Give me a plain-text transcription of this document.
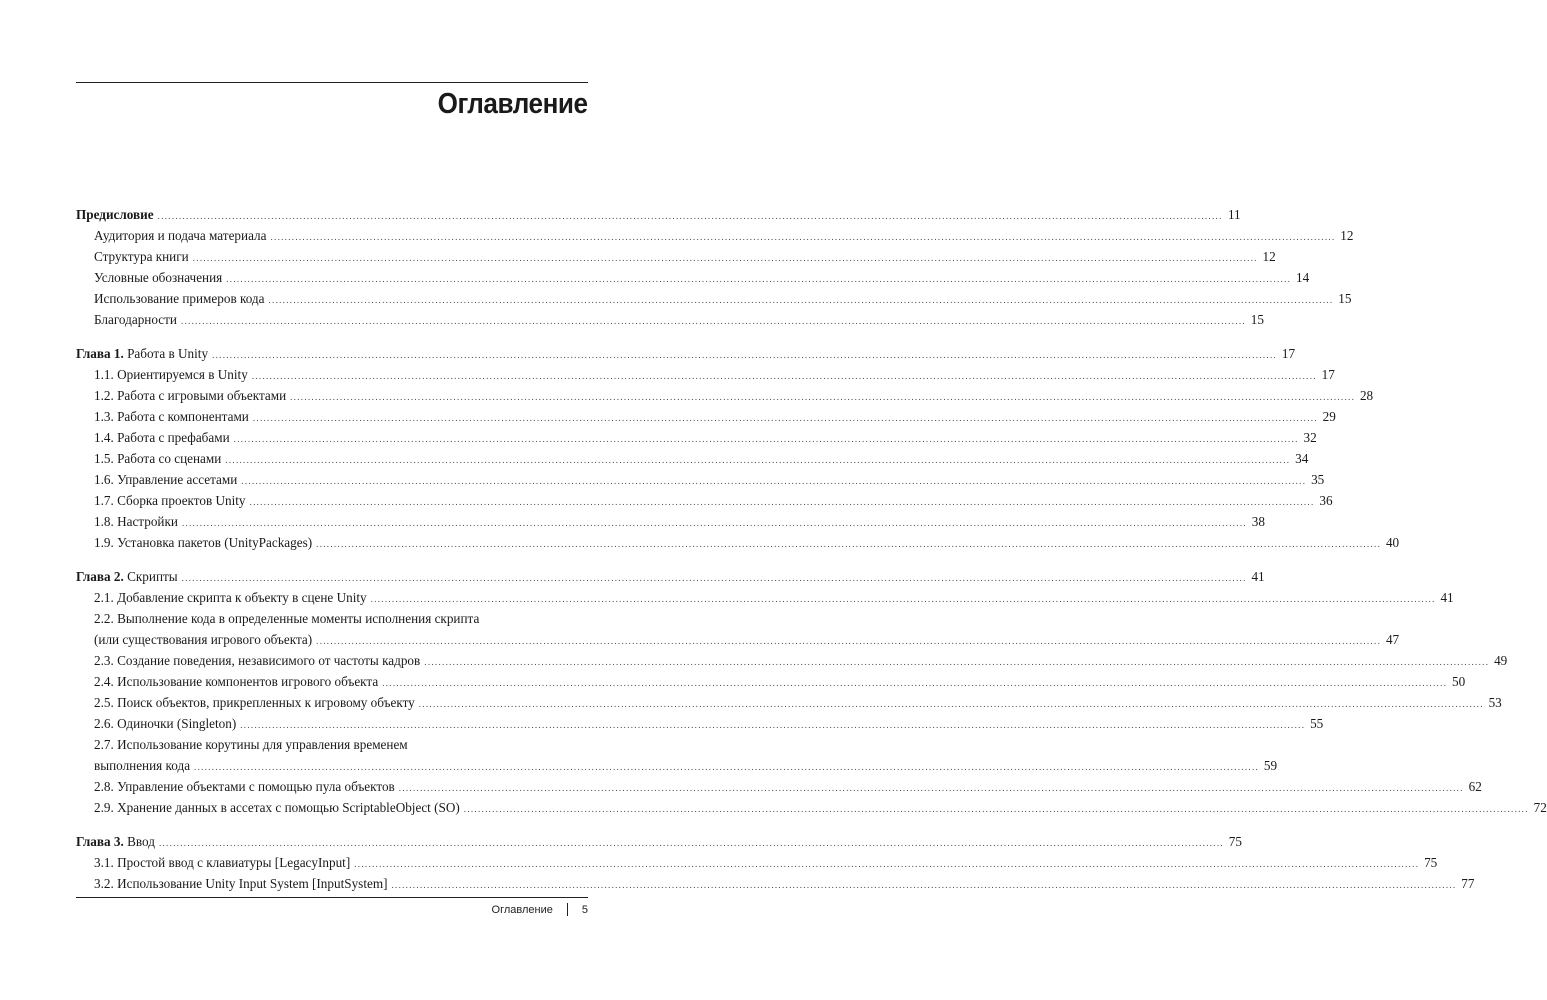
Оглавление
Предисловие ............................................................................................................................................................................................................................................................................................................ 11
Аудитория и подача материала ............................................................................................................................................................................................................................................................................................................ 12
Структура книги ............................................................................................................................................................................................................................................................................................................ 12
Условные обозначения ............................................................................................................................................................................................................................................................................................................ 14
Использование примеров кода ............................................................................................................................................................................................................................................................................................................ 15
Благодарности ............................................................................................................................................................................................................................................................................................................ 15
Глава 1. Работа в Unity ............................................................................................................................................................................................................................................................................................................ 17
1.1. Ориентируемся в Unity ............................................................................................................................................................................................................................................................................................................ 17
1.2. Работа с игровыми объектами ............................................................................................................................................................................................................................................................................................................ 28
1.3. Работа с компонентами ............................................................................................................................................................................................................................................................................................................ 29
1.4. Работа с префабами ............................................................................................................................................................................................................................................................................................................ 32
1.5. Работа со сценами ............................................................................................................................................................................................................................................................................................................ 34
1.6. Управление ассетами ............................................................................................................................................................................................................................................................................................................ 35
1.7. Сборка проектов Unity ............................................................................................................................................................................................................................................................................................................ 36
1.8. Настройки ............................................................................................................................................................................................................................................................................................................ 38
1.9. Установка пакетов (UnityPackages) ............................................................................................................................................................................................................................................................................................................ 40
Глава 2. Скрипты ............................................................................................................................................................................................................................................................................................................ 41
2.1. Добавление скрипта к объекту в сцене Unity ............................................................................................................................................................................................................................................................................................................ 41
2.2. Выполнение кода в определенные моменты исполнения скрипта
(или существования игрового объекта) ............................................................................................................................................................................................................................................................................................................ 47
2.3. Создание поведения, независимого от частоты кадров ............................................................................................................................................................................................................................................................................................................ 49
2.4. Использование компонентов игрового объекта ............................................................................................................................................................................................................................................................................................................ 50
2.5. Поиск объектов, прикрепленных к игровому объекту ............................................................................................................................................................................................................................................................................................................ 53
2.6. Одиночки (Singleton) ............................................................................................................................................................................................................................................................................................................ 55
2.7. Использование корутины для управления временем
выполнения кода ............................................................................................................................................................................................................................................................................................................ 59
2.8. Управление объектами с помощью пула объектов ............................................................................................................................................................................................................................................................................................................ 62
2.9. Хранение данных в ассетах с помощью ScriptableObject (SO) ............................................................................................................................................................................................................................................................................................................ 72
Глава 3. Ввод ............................................................................................................................................................................................................................................................................................................ 75
3.1. Простой ввод с клавиатуры [LegacyInput] ............................................................................................................................................................................................................................................................................................................ 75
3.2. Использование Unity Input System [InputSystem] ............................................................................................................................................................................................................................................................................................................ 77
Оглавление	5
